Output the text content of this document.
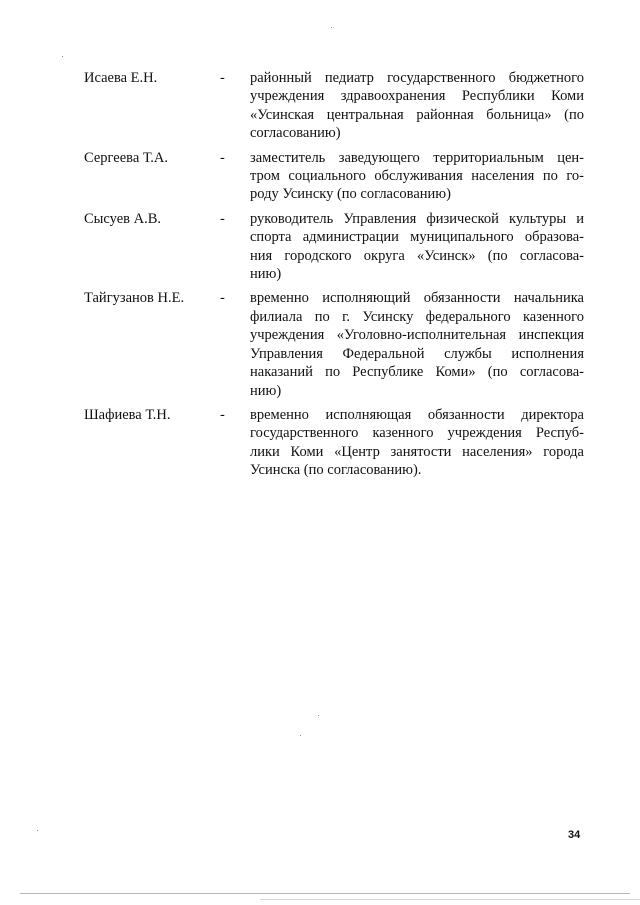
Исаева Е.Н.	- районный педиатр государственного бюджетного
учреждения здравоохранения Республики Коми
«Усинская центральная районная больница» (по
согласованию)
Сергеева Т.А.	- заместитель заведующего территориальным цен-
тром социального обслуживания населения по го-
роду Усинску (по согласованию)
Сысуев А.В.	- руководитель Управления физической культуры и
спорта администрации муниципального образова-
ния городского округа «Усинск» (по согласова-
нию)
Тайгузанов Н.Е. - временно исполняющий обязанности начальника
филиала по г. Усинску федерального казенного
учреждения «Уголовно-исполнительная инспекция
Управления Федеральной службы исполнения
наказаний по Республике Коми» (по согласова-
нию)
Шафиева Т.Н.	- временно исполняющая обязанности директора
государственного казенного учреждения Респуб-
лики Коми «Центр занятости населения» города
Усинска (по согласованию).
34
